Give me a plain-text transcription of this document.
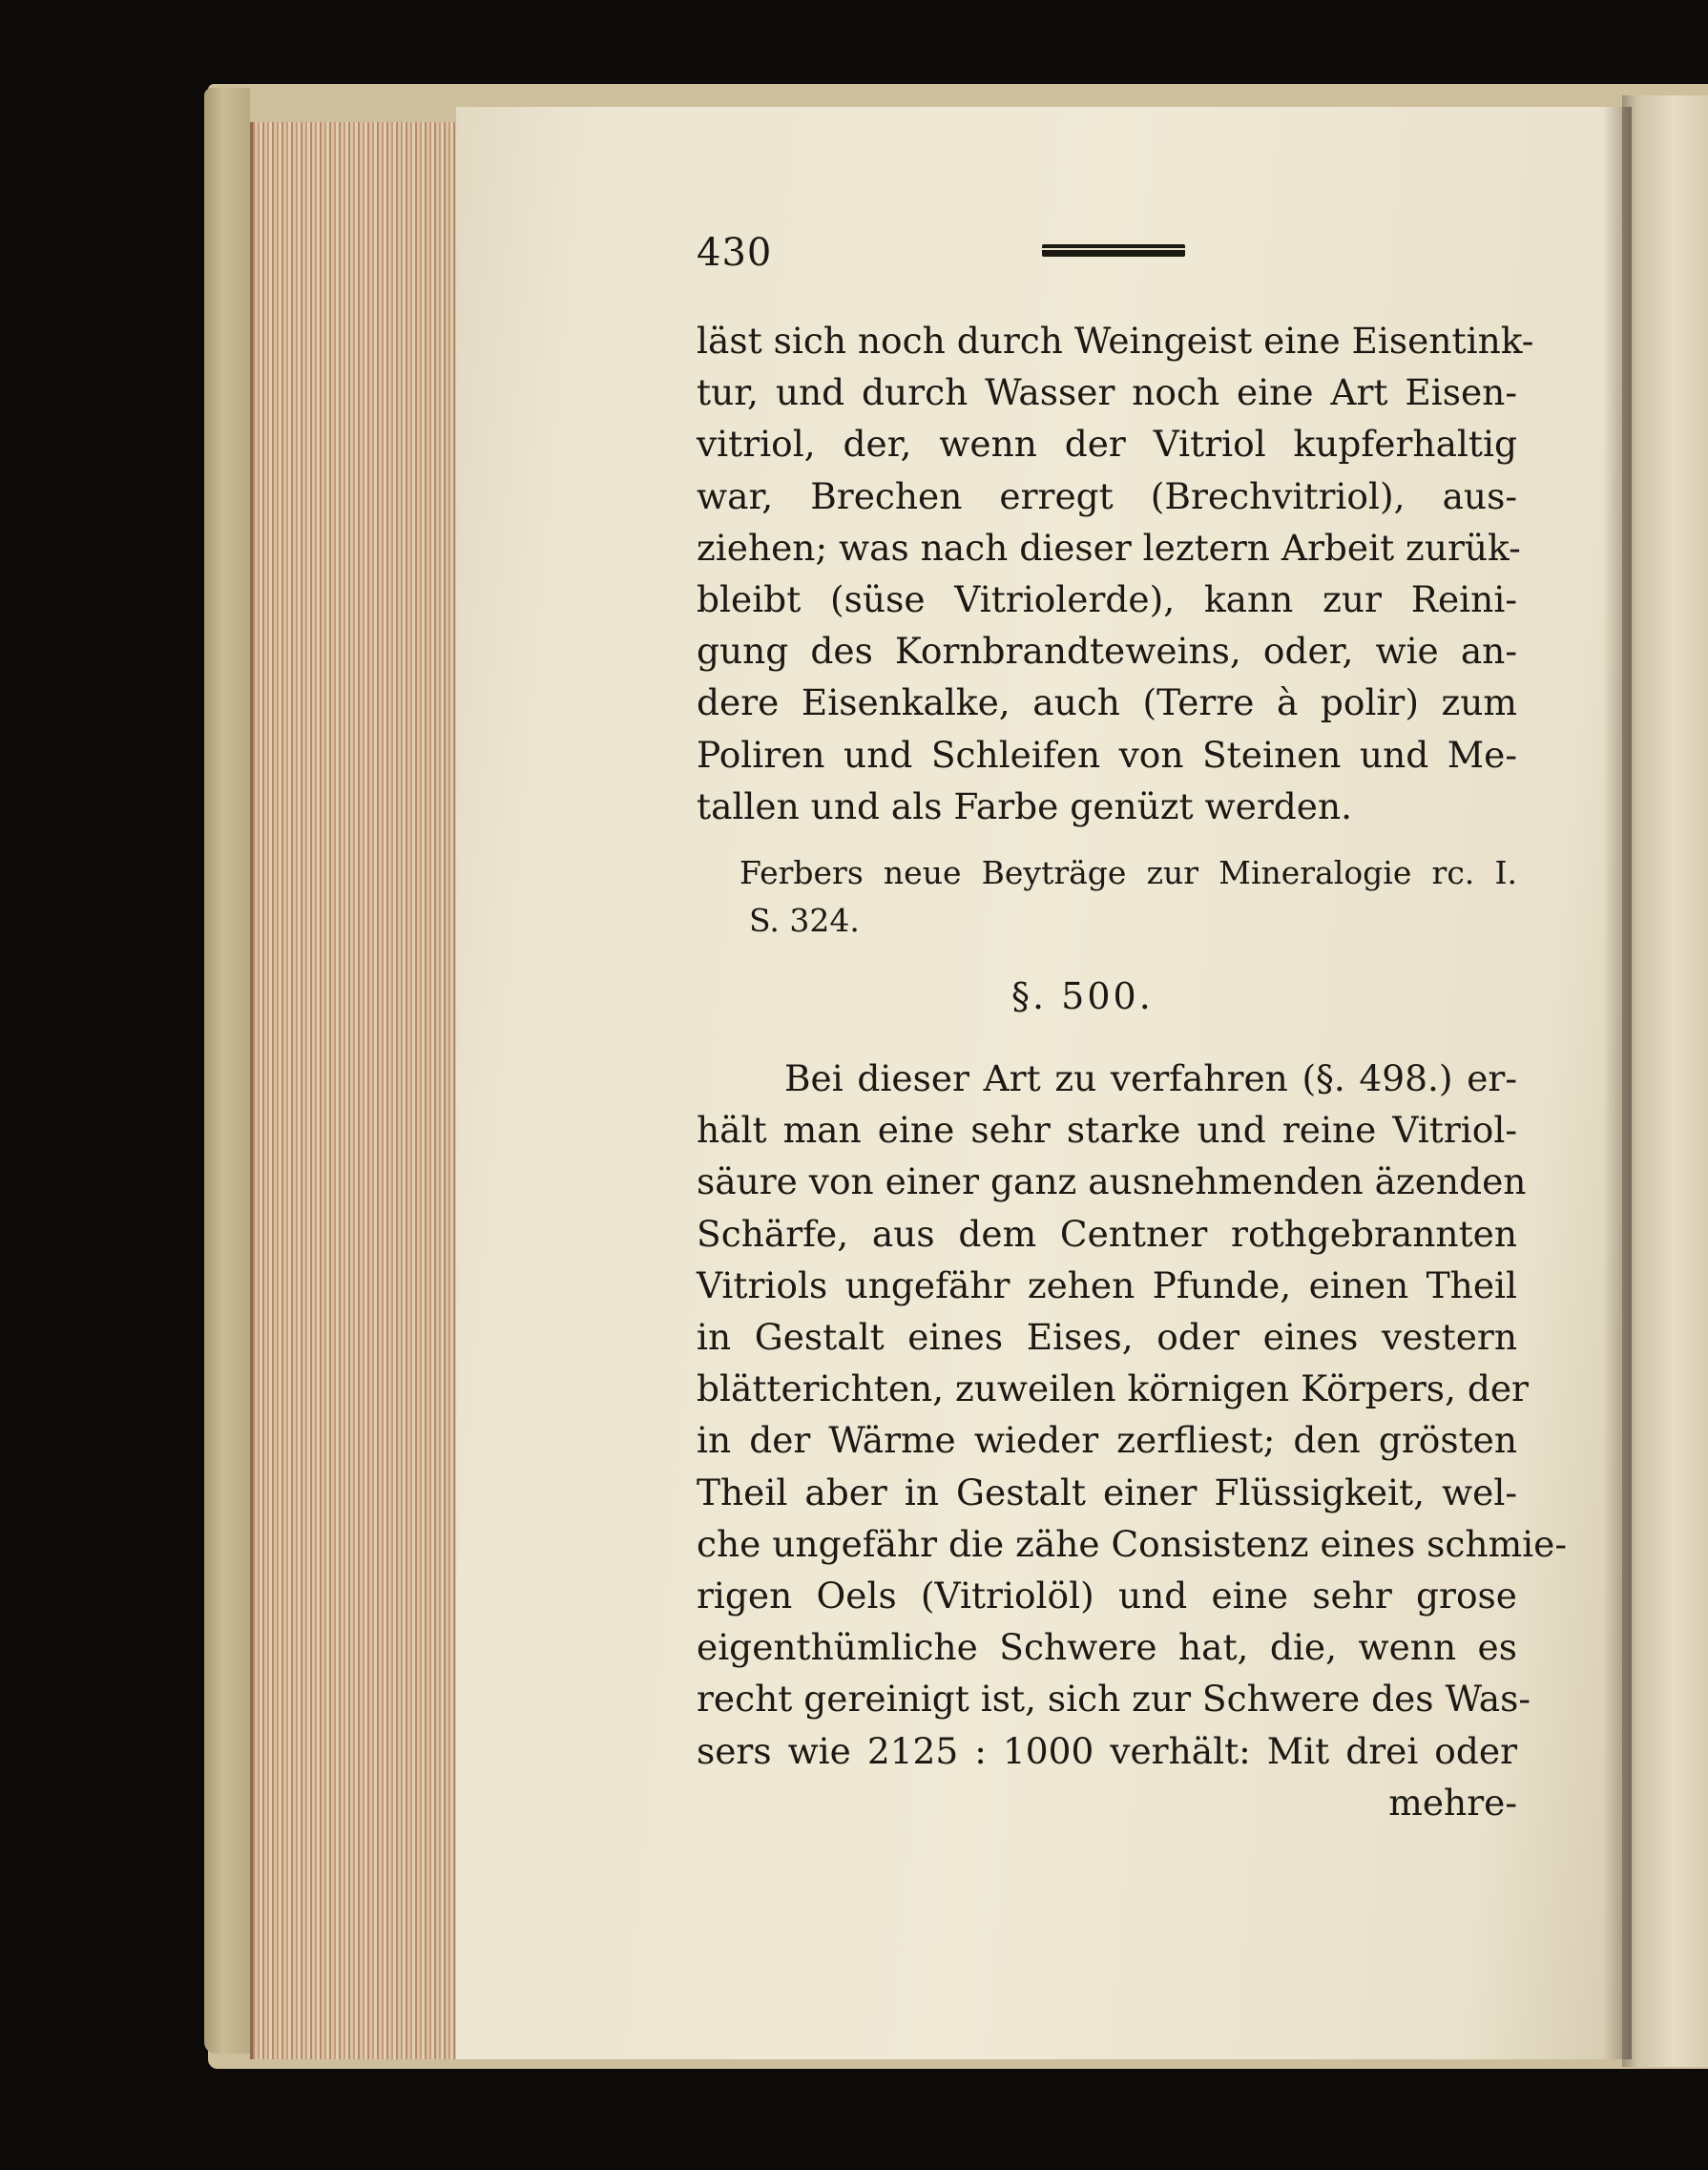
430
läst sich noch durch Weingeist eine Eisentink-
tur, und durch Wasser noch eine Art Eisen-
vitriol, der, wenn der Vitriol kupferhaltig
war, Brechen erregt (Brechvitriol), aus-
ziehen; was nach dieser leztern Arbeit zurük-
bleibt (süse Vitriolerde), kann zur Reini-
gung des Kornbrandteweins, oder, wie an-
dere Eisenkalke, auch (Terre à polir) zum
Poliren und Schleifen von Steinen und Me-
tallen und als Farbe genüzt werden.
Ferbers neue Beyträge zur Mineralogie rc. I.
S. 324.
§. 500.
Bei dieser Art zu verfahren (§. 498.) er-
hält man eine sehr starke und reine Vitriol-
säure von einer ganz ausnehmenden äzenden
Schärfe, aus dem Centner rothgebrannten
Vitriols ungefähr zehen Pfunde, einen Theil
in Gestalt eines Eises, oder eines vestern
blätterichten, zuweilen körnigen Körpers, der
in der Wärme wieder zerfliest; den grösten
Theil aber in Gestalt einer Flüssigkeit, wel-
che ungefähr die zähe Consistenz eines schmie-
rigen Oels (Vitriolöl) und eine sehr grose
eigenthümliche Schwere hat, die, wenn es
recht gereinigt ist, sich zur Schwere des Was-
sers wie 2125 : 1000 verhält: Mit drei oder
mehre-
